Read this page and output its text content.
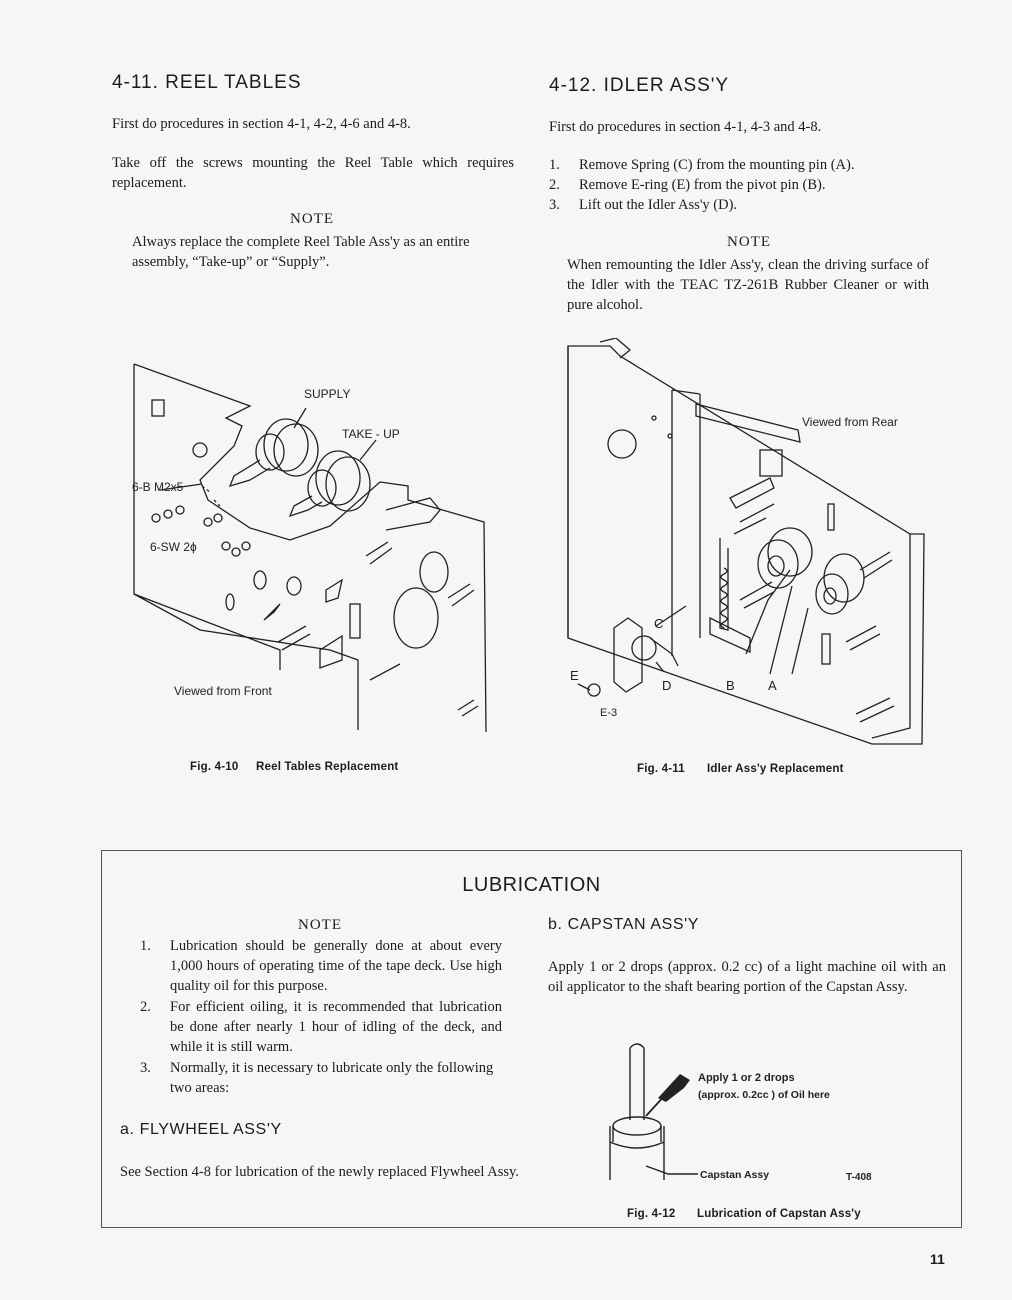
4-11. REEL TABLES

First do procedures in section 4-1, 4-2, 4-6 and 4-8.

Take off the screws mounting the Reel Table which requires replacement.

NOTE

Always replace the complete Reel Table Ass'y as an entire assembly, “Take-up” or “Supply”.

SUPPLY
TAKE - UP
6-B M2x5
6-SW 2ϕ
Viewed from Front
Fig. 4-10 Reel Tables Replacement
4-12. IDLER ASS'Y

First do procedures in section 4-1, 4-3 and 4-8.

1.	Remove Spring (C) from the mounting pin (A).
2.	Remove E-ring (E) from the pivot pin (B).
3.	Lift out the Idler Ass'y (D).
NOTE

When remounting the Idler Ass'y, clean the driving surface of the Idler with the TEAC TZ-261B Rubber Cleaner or with pure alcohol.

Viewed from Rear
C
E
D	B	A
E-3
Fig. 4-11 Idler Ass'y Replacement
LUBRICATION
NOTE
1.	Lubrication should be generally done at about every 1,000 hours of operating time of the tape deck. Use high quality oil for this purpose.
2.	For efficient oiling, it is recommended that lubrication be done after nearly 1 hour of idling of the deck, and while it is still warm.
3.	Normally, it is necessary to lubricate only the following two areas:
a. FLYWHEEL ASS'Y

See Section 4-8 for lubrication of the newly replaced Flywheel Assy.

b. CAPSTAN ASS'Y

Apply 1 or 2 drops (approx. 0.2 cc) of a light machine oil with an oil applicator to the shaft bearing portion of the Capstan Assy.

Apply 1 or 2 drops
(approx. 0.2cc ) of Oil here
Capstan Assy	T-408
Fig. 4-12 Lubrication of Capstan Ass'y
11
